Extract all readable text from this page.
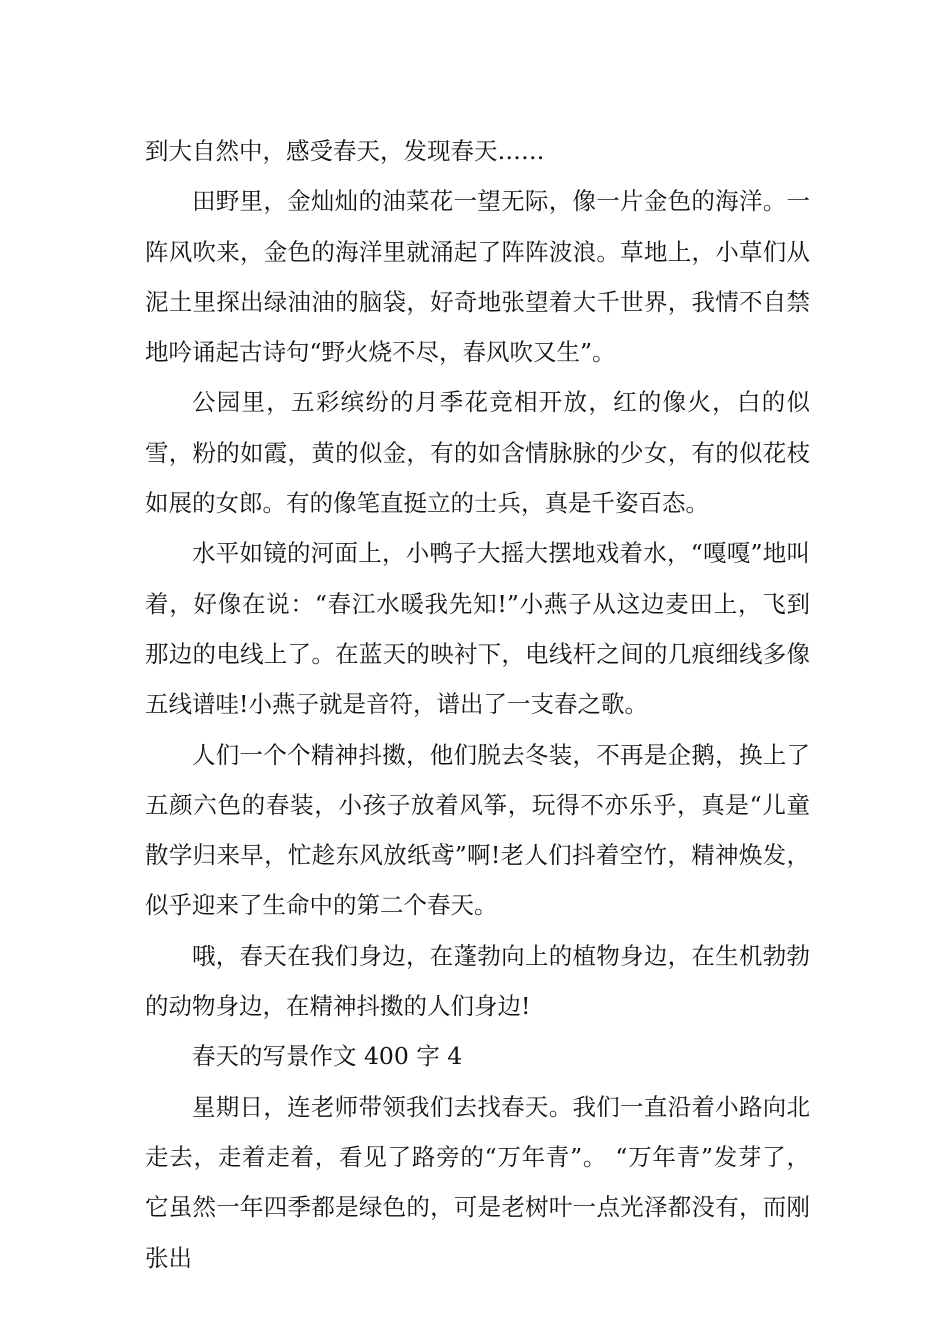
到大自然中，感受春天，发现春天……

田野里，金灿灿的油菜花一望无际，像一片金色的海洋。一阵风吹来，金色的海洋里就涌起了阵阵波浪。草地上，小草们从泥土里探出绿油油的脑袋，好奇地张望着大千世界，我情不自禁地吟诵起古诗句“野火烧不尽，春风吹又生”。

公园里，五彩缤纷的月季花竞相开放，红的像火，白的似雪，粉的如霞，黄的似金，有的如含情脉脉的少女，有的似花枝如展的女郎。有的像笔直挺立的士兵，真是千姿百态。

水平如镜的河面上，小鸭子大摇大摆地戏着水，“嘎嘎”地叫着，好像在说：“春江水暖我先知!”小燕子从这边麦田上，飞到那边的电线上了。在蓝天的映衬下，电线杆之间的几痕细线多像五线谱哇!小燕子就是音符，谱出了一支春之歌。

人们一个个精神抖擞，他们脱去冬装，不再是企鹅，换上了五颜六色的春装，小孩子放着风筝，玩得不亦乐乎，真是“儿童散学归来早，忙趁东风放纸鸢”啊!老人们抖着空竹，精神焕发，似乎迎来了生命中的第二个春天。

哦，春天在我们身边，在蓬勃向上的植物身边，在生机勃勃的动物身边，在精神抖擞的人们身边!

春天的写景作文 400 字 4

星期日，连老师带领我们去找春天。我们一直沿着小路向北走去，走着走着，看见了路旁的“万年青”。 “万年青”发芽了，它虽然一年四季都是绿色的，可是老树叶一点光泽都没有，而刚张出
